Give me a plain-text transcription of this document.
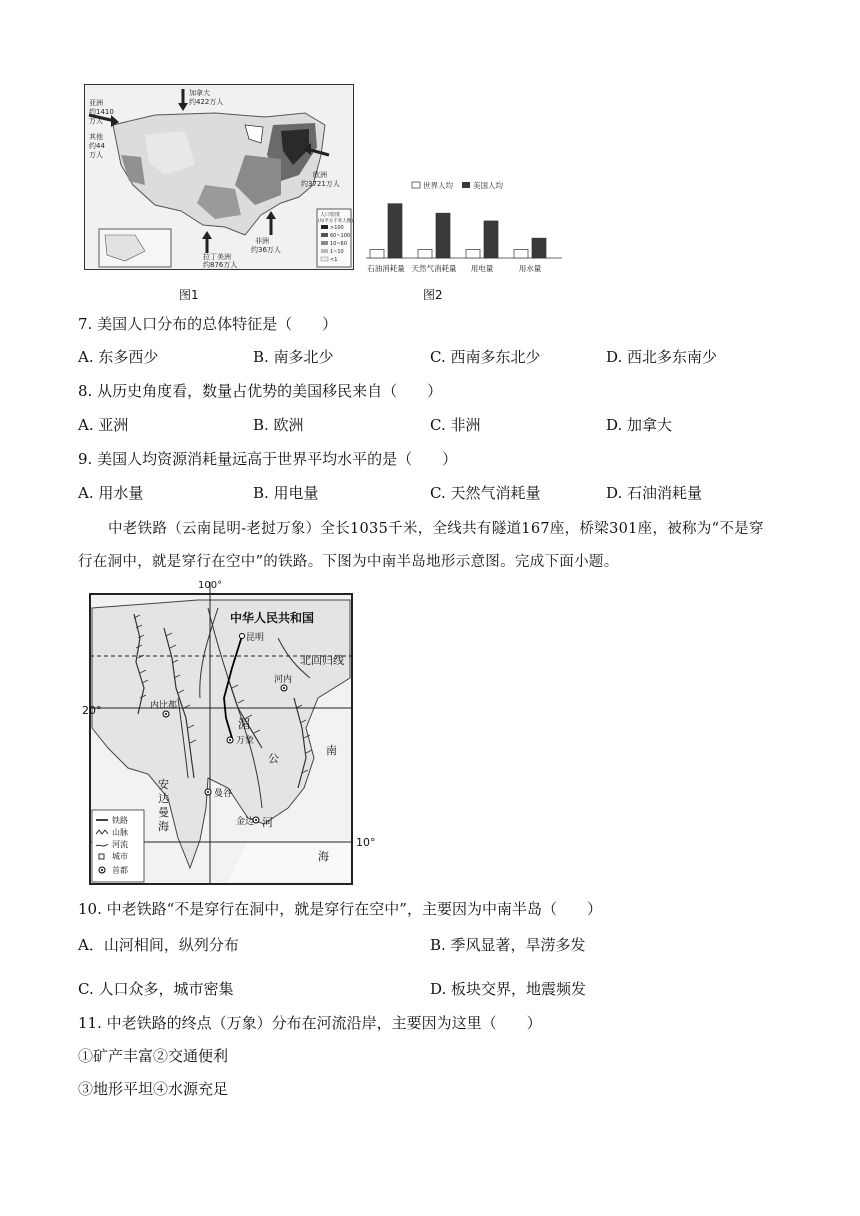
加拿大
约422万人
亚洲
约1410
万人
其他
约44
万人
欧洲
约3721万人
非洲
约36万人
拉丁美洲
约876万人
人口密度
(每平方千米人数)
>100
60~100
10~60
1~10
<1
图1
世界人均	美国人均
石油消耗量 天然气消耗量 用电量	用水量
图2
7. 美国人口分布的总体特征是（　　）
A. 东多西少	B. 南多北少	C. 西南多东北少	D. 西北多东南少
8. 从历史角度看，数量占优势的美国移民来自（　　）
A. 亚洲	B. 欧洲	C. 非洲	D. 加拿大
9. 美国人均资源消耗量远高于世界平均水平的是（　　）
A. 用水量	B. 用电量	C. 天然气消耗量	D. 石油消耗量
中老铁路（云南昆明-老挝万象）全长1035千米，全线共有隧道167座，桥梁301座，被称为“不是穿
行在洞中，就是穿行在空中”的铁路。下图为中南半岛地形示意图。完成下面小题。
100°
中华人民共和国
昆明
北回归线
河内
20°	内比都
湄
万象
公
曼谷
金边 河
安
达
曼
海
南
海
10°
铁路
山脉
河流
城市
首都
10. 中老铁路“不是穿行在洞中，就是穿行在空中”，主要因为中南半岛（　　）
A．山河相间，纵列分布	B. 季风显著，旱涝多发
C. 人口众多，城市密集	D. 板块交界，地震频发
11. 中老铁路的终点（万象）分布在河流沿岸，主要因为这里（　　）
①矿产丰富②交通便利
③地形平坦④水源充足
